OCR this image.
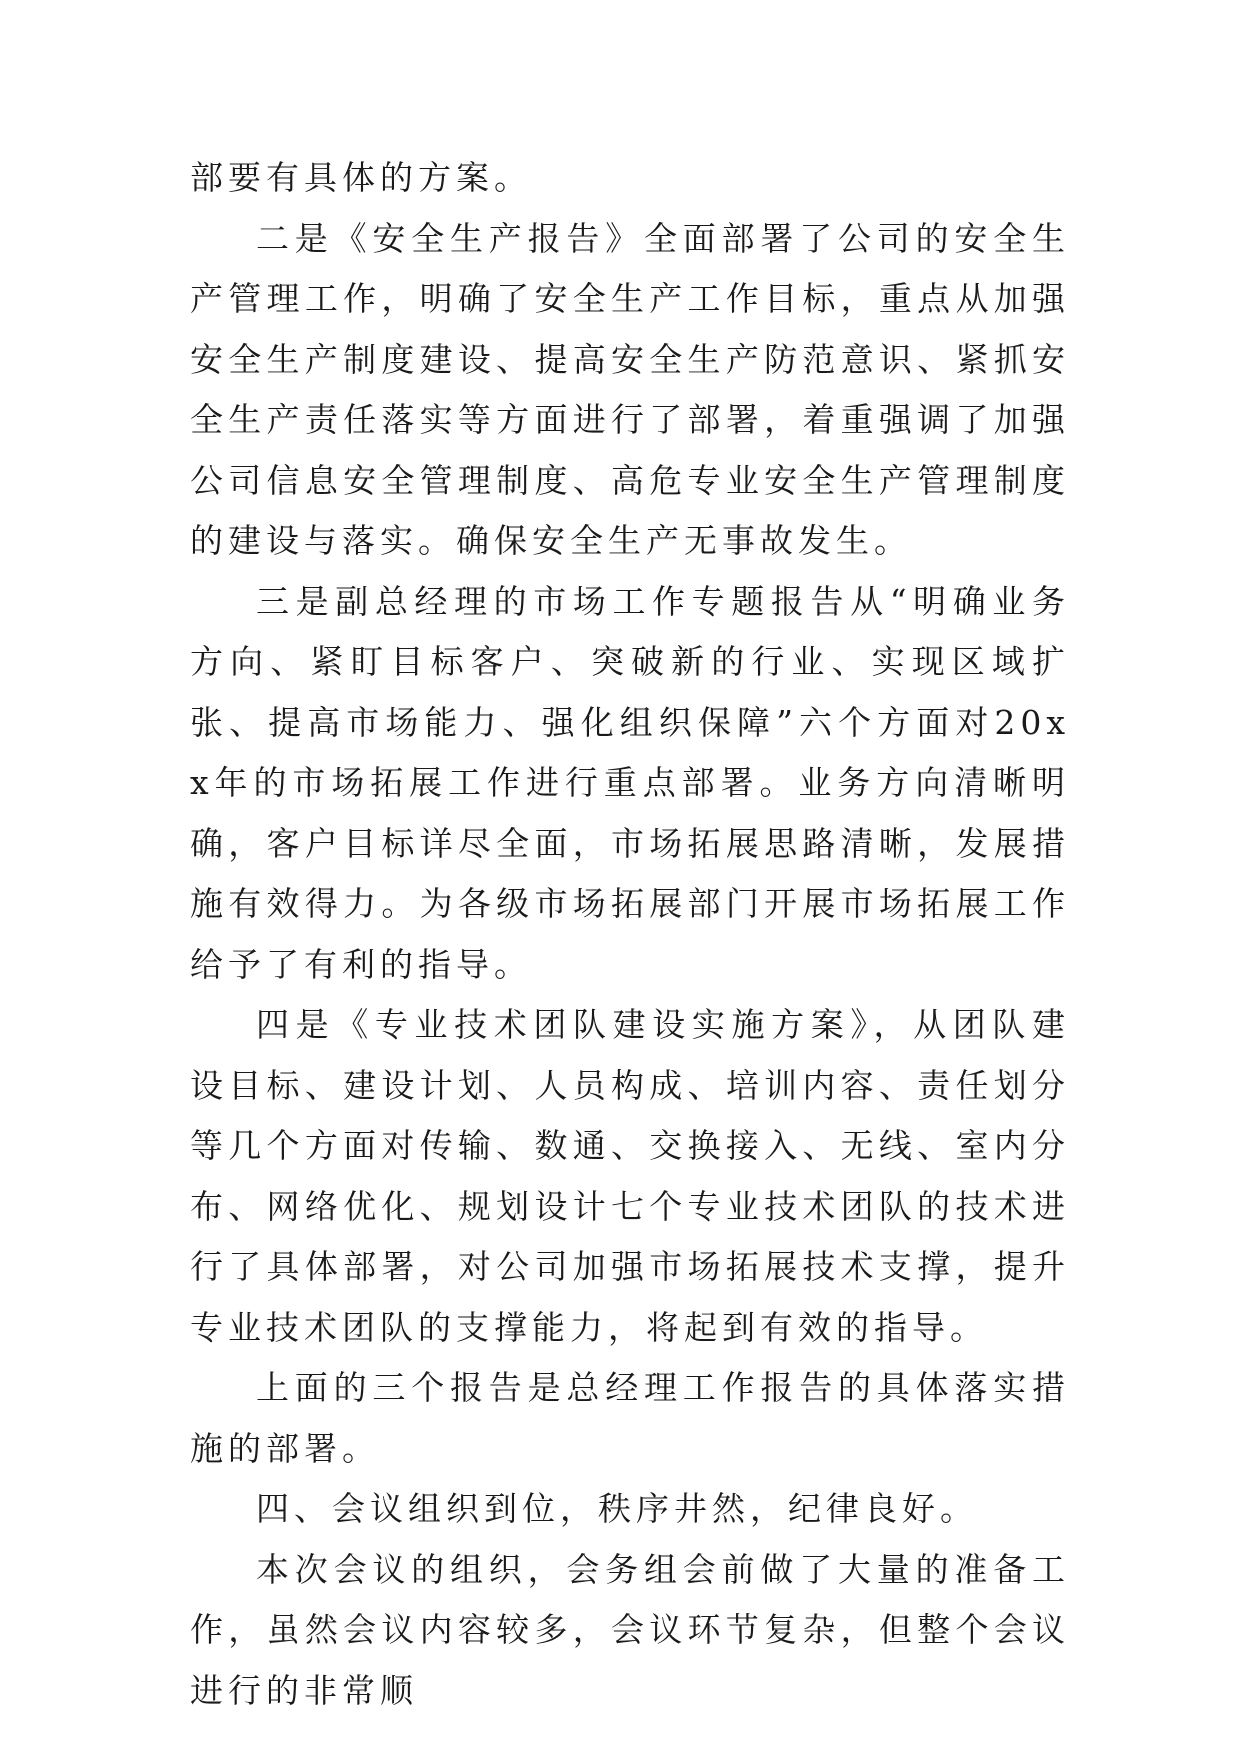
部要有具体的方案。

二是《安全生产报告》全面部署了公司的安全生产管理工作，明确了安全生产工作目标，重点从加强安全生产制度建设、提高安全生产防范意识、紧抓安全生产责任落实等方面进行了部署，着重强调了加强公司信息安全管理制度、高危专业安全生产管理制度的建设与落实。确保安全生产无事故发生。

三是副总经理的市场工作专题报告从“明确业务方向、紧盯目标客户、突破新的行业、实现区域扩张、提高市场能力、强化组织保障”六个方面对20xx年的市场拓展工作进行重点部署。业务方向清晰明确，客户目标详尽全面，市场拓展思路清晰，发展措施有效得力。为各级市场拓展部门开展市场拓展工作给予了有利的指导。

四是《专业技术团队建设实施方案》，从团队建设目标、建设计划、人员构成、培训内容、责任划分等几个方面对传输、数通、交换接入、无线、室内分布、网络优化、规划设计七个专业技术团队的技术进行了具体部署，对公司加强市场拓展技术支撑，提升专业技术团队的支撑能力，将起到有效的指导。

上面的三个报告是总经理工作报告的具体落实措施的部署。

四、会议组织到位，秩序井然，纪律良好。

本次会议的组织，会务组会前做了大量的准备工作，虽然会议内容较多，会议环节复杂，但整个会议进行的非常顺
